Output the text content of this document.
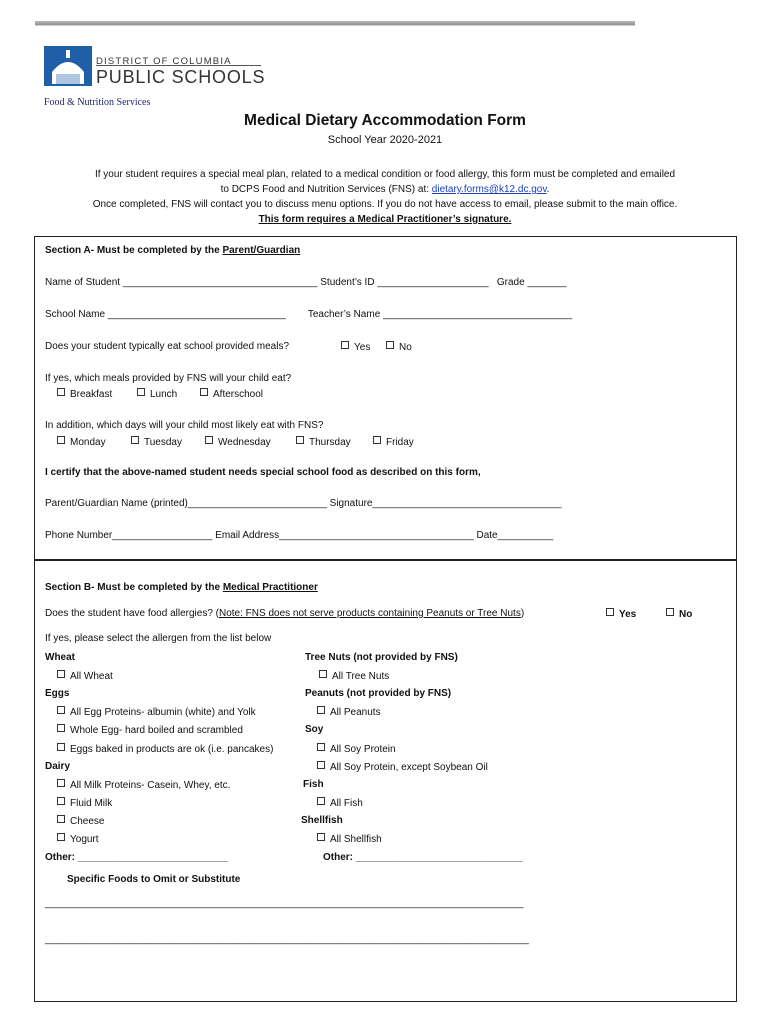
DISTRICT OF COLUMBIA
PUBLIC SCHOOLS
Food & Nutrition Services
Medical Dietary Accommodation Form
School Year 2020-2021
If your student requires a special meal plan, related to a medical condition or food allergy, this form must be completed and emailed
to DCPS Food and Nutrition Services (FNS) at: dietary.forms@k12.dc.gov.
Once completed, FNS will contact you to discuss menu options. If you do not have access to email, please submit to the main office.
This form requires a Medical Practitioner’s signature.
Section A- Must be completed by the Parent/Guardian
Name of Student ___________________________________ Student’s ID ____________________   Grade _______
School Name ________________________________        Teacher’s Name __________________________________
Does your student typically eat school provided meals?	Yes	No
If yes, which meals provided by FNS will your child eat?
Breakfast	Lunch	Afterschool
In addition, which days will your child most likely eat with FNS?
Monday	Tuesday	Wednesday	Thursday	Friday
I certify that the above-named student needs special school food as described on this form,
Parent/Guardian Name (printed)_________________________ Signature__________________________________
Phone Number__________________ Email Address___________________________________ Date__________
Section B- Must be completed by the Medical Practitioner
Does the student have food allergies? (Note: FNS does not serve products containing Peanuts or Tree Nuts)	Yes	No
If yes, please select the allergen from the list below
Wheat
All Wheat
Eggs
All Egg Proteins- albumin (white) and Yolk
Whole Egg- hard boiled and scrambled
Eggs baked in products are ok (i.e. pancakes)
Dairy
All Milk Proteins- Casein, Whey, etc.
Fluid Milk
Cheese
Yogurt
Other: ___________________________
Tree Nuts (not provided by FNS)
All Tree Nuts
Peanuts (not provided by FNS)
All Peanuts
Soy
All Soy Protein
All Soy Protein, except Soybean Oil
Fish
All Fish
Shellfish
All Shellfish
Other: ______________________________
Specific Foods to Omit or Substitute
______________________________________________________________________________________
_______________________________________________________________________________________
